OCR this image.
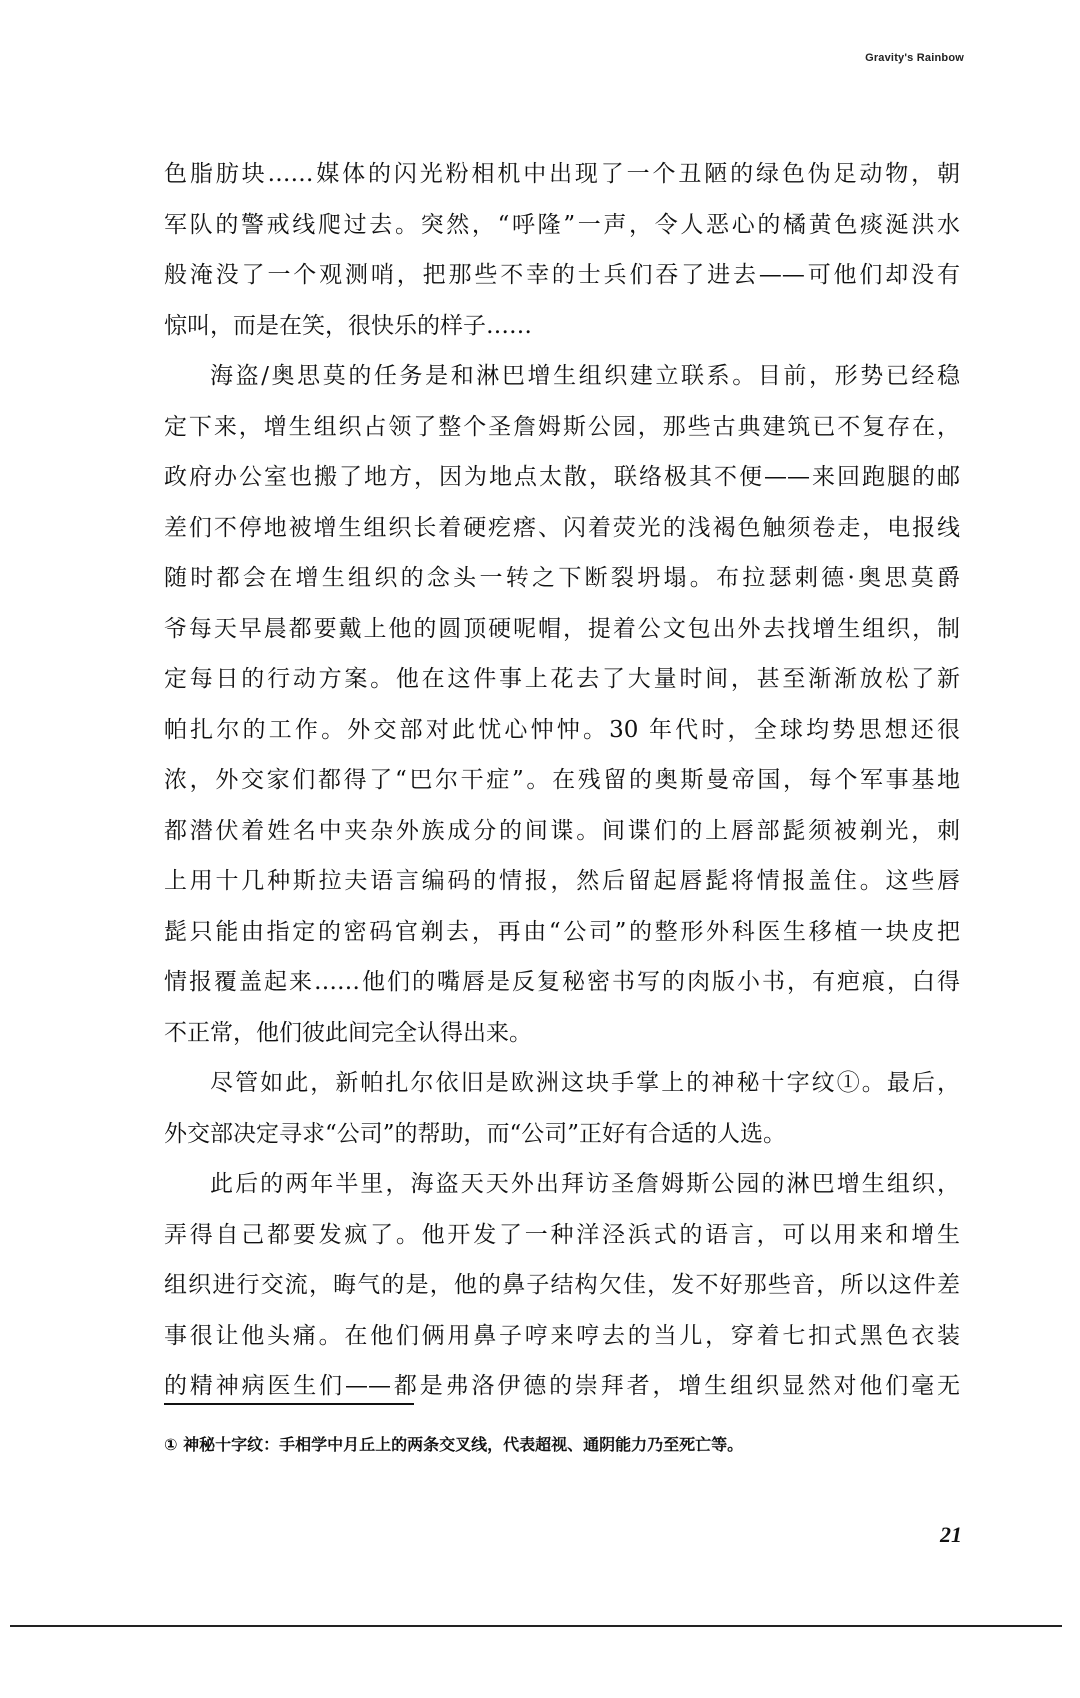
Gravity's Rainbow
色脂肪块……媒体的闪光粉相机中出现了一个丑陋的绿色伪足动物，朝
军队的警戒线爬过去。突然，“呼隆”一声，令人恶心的橘黄色痰涎洪水
般淹没了一个观测哨，把那些不幸的士兵们吞了进去——可他们却没有
惊叫，而是在笑，很快乐的样子……
海盗/奥思莫的任务是和淋巴增生组织建立联系。目前，形势已经稳
定下来，增生组织占领了整个圣詹姆斯公园，那些古典建筑已不复存在，
政府办公室也搬了地方，因为地点太散，联络极其不便——来回跑腿的邮
差们不停地被增生组织长着硬疙瘩、闪着荧光的浅褐色触须卷走，电报线
随时都会在增生组织的念头一转之下断裂坍塌。布拉瑟剌德·奥思莫爵
爷每天早晨都要戴上他的圆顶硬呢帽，提着公文包出外去找增生组织，制
定每日的行动方案。他在这件事上花去了大量时间，甚至渐渐放松了新
帕扎尔的工作。外交部对此忧心忡忡。30 年代时，全球均势思想还很
浓，外交家们都得了“巴尔干症”。在残留的奥斯曼帝国，每个军事基地
都潜伏着姓名中夹杂外族成分的间谍。间谍们的上唇部髭须被剃光，刺
上用十几种斯拉夫语言编码的情报，然后留起唇髭将情报盖住。这些唇
髭只能由指定的密码官剃去，再由“公司”的整形外科医生移植一块皮把
情报覆盖起来……他们的嘴唇是反复秘密书写的肉版小书，有疤痕，白得
不正常，他们彼此间完全认得出来。
尽管如此，新帕扎尔依旧是欧洲这块手掌上的神秘十字纹①。最后，
外交部决定寻求“公司”的帮助，而“公司”正好有合适的人选。
此后的两年半里，海盗天天外出拜访圣詹姆斯公园的淋巴增生组织，
弄得自己都要发疯了。他开发了一种洋泾浜式的语言，可以用来和增生
组织进行交流，晦气的是，他的鼻子结构欠佳，发不好那些音，所以这件差
事很让他头痛。在他们俩用鼻子哼来哼去的当儿，穿着七扣式黑色衣装
的精神病医生们——都是弗洛伊德的崇拜者，增生组织显然对他们毫无
① 神秘十字纹：手相学中月丘上的两条交叉线，代表超视、通阴能力乃至死亡等。
21
